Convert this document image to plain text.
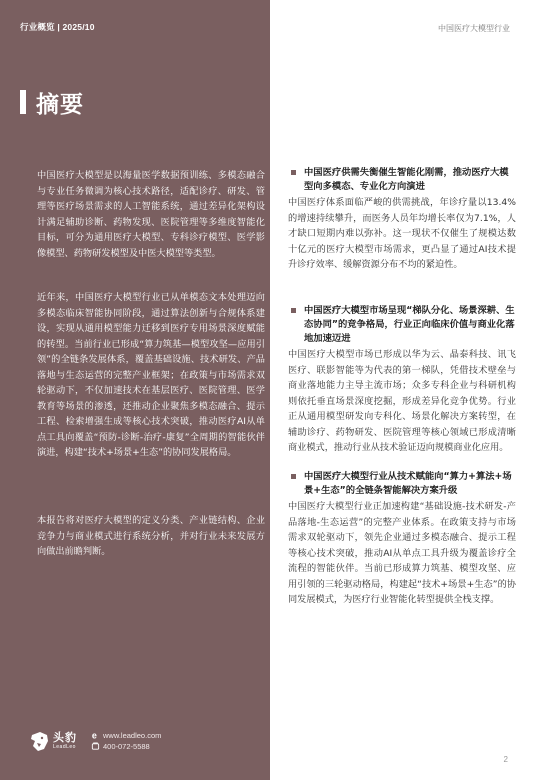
行业概览 | 2025/10	中国医疗大模型行业
摘要
中国医疗大模型是以海量医学数据预训练、多模态融合与专业任务微调为核心技术路径，适配诊疗、研发、管理等医疗场景需求的人工智能系统，通过差异化架构设计满足辅助诊断、药物发现、医院管理等多维度智能化目标，可分为通用医疗大模型、专科诊疗模型、医学影像模型、药物研发模型及中医大模型等类型。
近年来，中国医疗大模型行业已从单模态文本处理迈向多模态临床智能协同阶段，通过算法创新与合规体系建设，实现从通用模型能力迁移到医疗专用场景深度赋能的转型。当前行业已形成“算力筑基—模型攻坚—应用引领”的全链条发展体系，覆盖基础设施、技术研发、产品落地与生态运营的完整产业框架；在政策与市场需求双轮驱动下，不仅加速技术在基层医疗、医院管理、医学教育等场景的渗透，还推动企业聚焦多模态融合、提示工程、检索增强生成等核心技术突破，推动医疗AI从单点工具向覆盖“预防-诊断-治疗-康复”全周期的智能伙伴演进，构建“技术+场景+生态”的协同发展格局。
本报告将对医疗大模型的定义分类、产业链结构、企业竞争力与商业模式进行系统分析，并对行业未来发展方向做出前瞻判断。
中国医疗供需失衡催生智能化刚需，推动医疗大模型向多模态、专业化方向演进
中国医疗体系面临严峻的供需挑战，年诊疗量以13.4%的增速持续攀升，而医务人员年均增长率仅为7.1%，人才缺口短期内难以弥补。这一现状不仅催生了规模达数十亿元的医疗大模型市场需求，更凸显了通过AI技术提升诊疗效率、缓解资源分布不均的紧迫性。
中国医疗大模型市场呈现“梯队分化、场景深耕、生态协同”的竞争格局，行业正向临床价值与商业化落地加速迈进
中国医疗大模型市场已形成以华为云、晶泰科技、讯飞医疗、联影智能等为代表的第一梯队，凭借技术壁垒与商业落地能力主导主流市场；众多专科企业与科研机构则依托垂直场景深度挖掘，形成差异化竞争优势。行业正从通用模型研发向专科化、场景化解决方案转型，在辅助诊疗、药物研发、医院管理等核心领域已形成清晰商业模式，推动行业从技术验证迈向规模商业化应用。
中国医疗大模型行业从技术赋能向“算力+算法+场景+生态”的全链条智能解决方案升级
中国医疗大模型行业正加速构建“基础设施-技术研发-产品落地-生态运营”的完整产业体系。在政策支持与市场需求双轮驱动下，领先企业通过多模态融合、提示工程等核心技术突破，推动AI从单点工具升级为覆盖诊疗全流程的智能伙伴。当前已形成算力筑基、模型攻坚、应用引领的三轮驱动格局，构建起“技术+场景+生态”的协同发展模式，为医疗行业智能化转型提供全栈支撑。
头豹
LeadLeo
e www.leadleo.com
400-072-5588
2
